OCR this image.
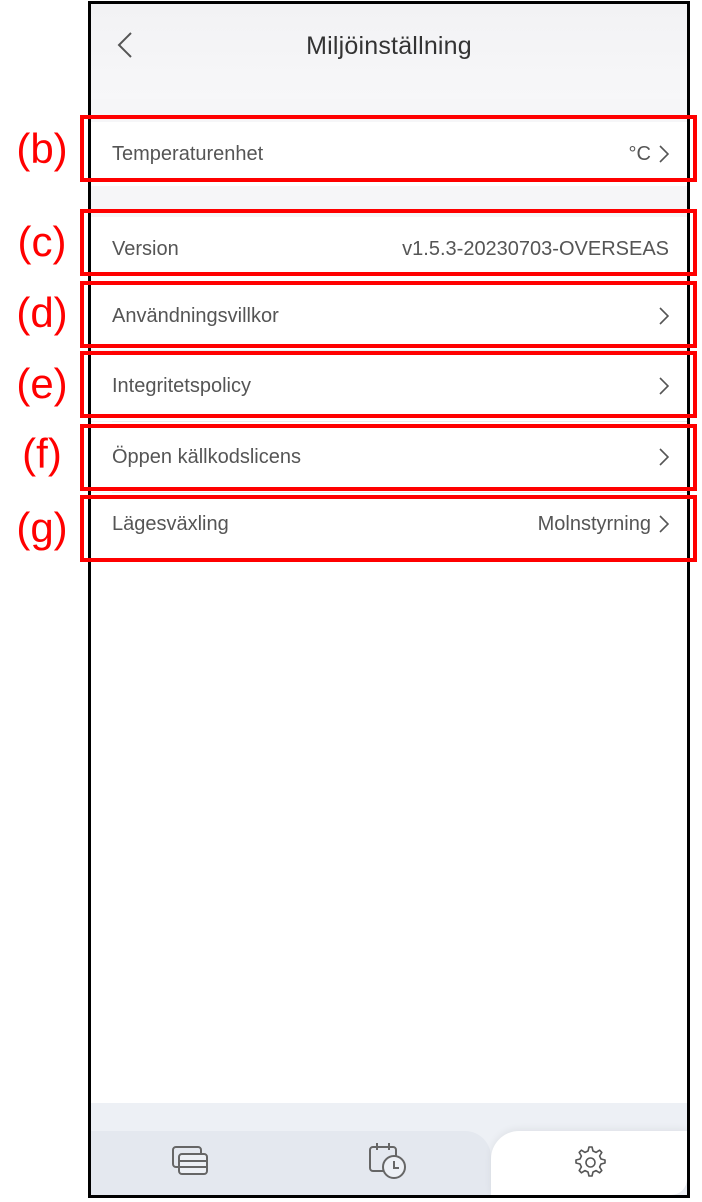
Miljöinställning
Temperaturenhet	°C
Version	v1.5.3-20230703-OVERSEAS
Användningsvillkor
Integritetspolicy
Öppen källkodslicens
Lägesväxling	Molnstyrning
(b)
(c)
(d)
(e)
(f)
(g)
